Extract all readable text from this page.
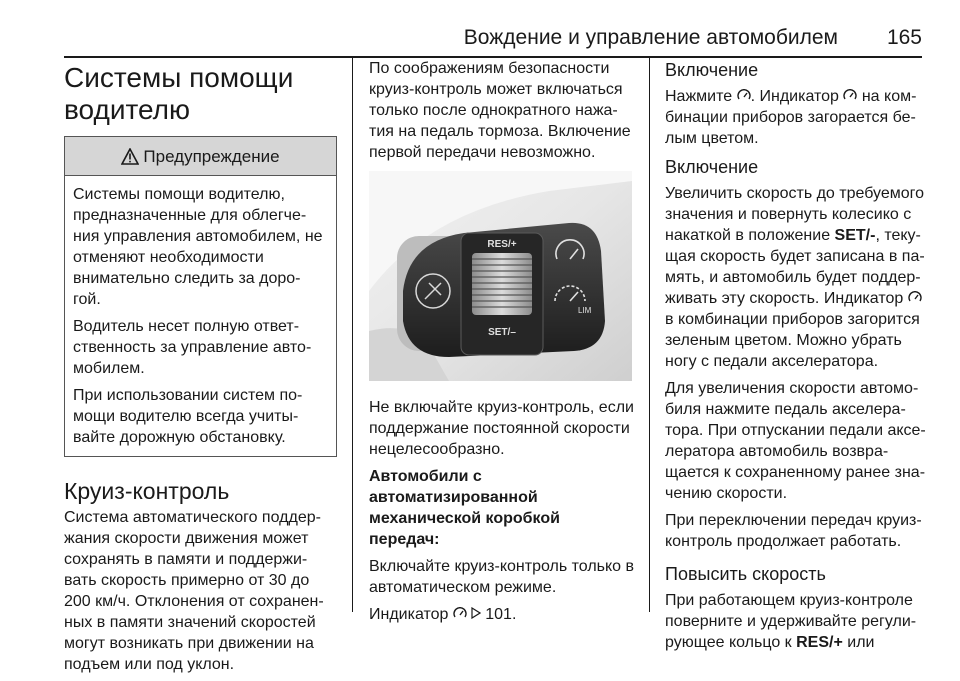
Вождение и управление автомобилем 165
Системы помощи водителю
Предупреждение

Системы помощи водителю, предназначенные для облегче-ния управления автомобилем, не отменяют необходимости внимательно следить за доро-гой.

Водитель несет полную ответ-ственность за управление авто-мобилем.

При использовании систем по-мощи водителю всегда учиты-вайте дорожную обстановку.

Круиз-контроль

Система автоматического поддер-жания скорости движения может сохранять в памяти и поддержи-вать скорость примерно от 30 до 200 км/ч. Отклонения от сохранен-ных в памяти значений скоростей могут возникать при движении на подъем или под уклон.

По соображениям безопасности круиз-контроль может включаться только после однократного нажа-тия на педаль тормоза. Включение первой передачи невозможно.

RES/+
SET/–
LIM

Не включайте круиз-контроль, если поддержание постоянной скорости нецелесообразно.

Автомобили с автоматизированной механической коробкой передач:

Включайте круиз-контроль только в автоматическом режиме.

Индикатор 101.

Включение

Нажмите . Индикатор на ком-бинации приборов загорается бе-лым цветом.

Включение

Увеличить скорость до требуемого значения и повернуть колесико с накаткой в положение SET/-, теку-щая скорость будет записана в па-мять, и автомобиль будет поддер-живать эту скорость. Индикатор  в комбинации приборов загорится зеленым цветом. Можно убрать ногу с педали акселератора.

Для увеличения скорости автомо-биля нажмите педаль акселера-тора. При отпускании педали аксе-лератора автомобиль возвра-щается к сохраненному ранее зна-чению скорости.

При переключении передач круиз-контроль продолжает работать.

Повысить скорость

При работающем круиз-контроле поверните и удерживайте регули-рующее кольцо к RES/+ или
